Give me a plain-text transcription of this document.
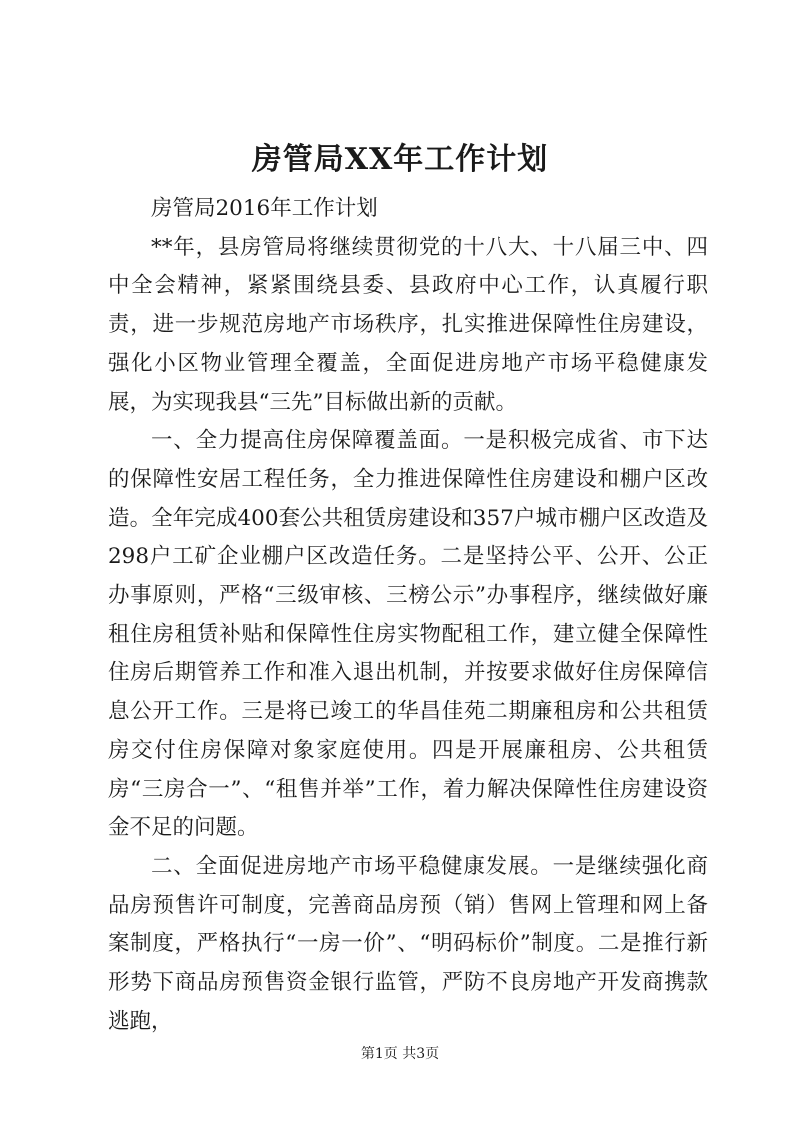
房管局XX年工作计划

房管局2016年工作计划

**年，县房管局将继续贯彻党的十八大、十八届三中、四中全会精神，紧紧围绕县委、县政府中心工作，认真履行职责，进一步规范房地产市场秩序，扎实推进保障性住房建设，强化小区物业管理全覆盖，全面促进房地产市场平稳健康发展，为实现我县“三先”目标做出新的贡献。

一、全力提高住房保障覆盖面。一是积极完成省、市下达的保障性安居工程任务，全力推进保障性住房建设和棚户区改造。全年完成400套公共租赁房建设和357户城市棚户区改造及298户工矿企业棚户区改造任务。二是坚持公平、公开、公正办事原则，严格“三级审核、三榜公示”办事程序，继续做好廉租住房租赁补贴和保障性住房实物配租工作，建立健全保障性住房后期管养工作和准入退出机制，并按要求做好住房保障信息公开工作。三是将已竣工的华昌佳苑二期廉租房和公共租赁房交付住房保障对象家庭使用。四是开展廉租房、公共租赁房“三房合一”、“租售并举”工作，着力解决保障性住房建设资金不足的问题。

二、全面促进房地产市场平稳健康发展。一是继续强化商品房预售许可制度，完善商品房预（销）售网上管理和网上备案制度，严格执行“一房一价”、“明码标价”制度。二是推行新形势下商品房预售资金银行监管，严防不良房地产开发商携款逃跑，

第1页 共3页
